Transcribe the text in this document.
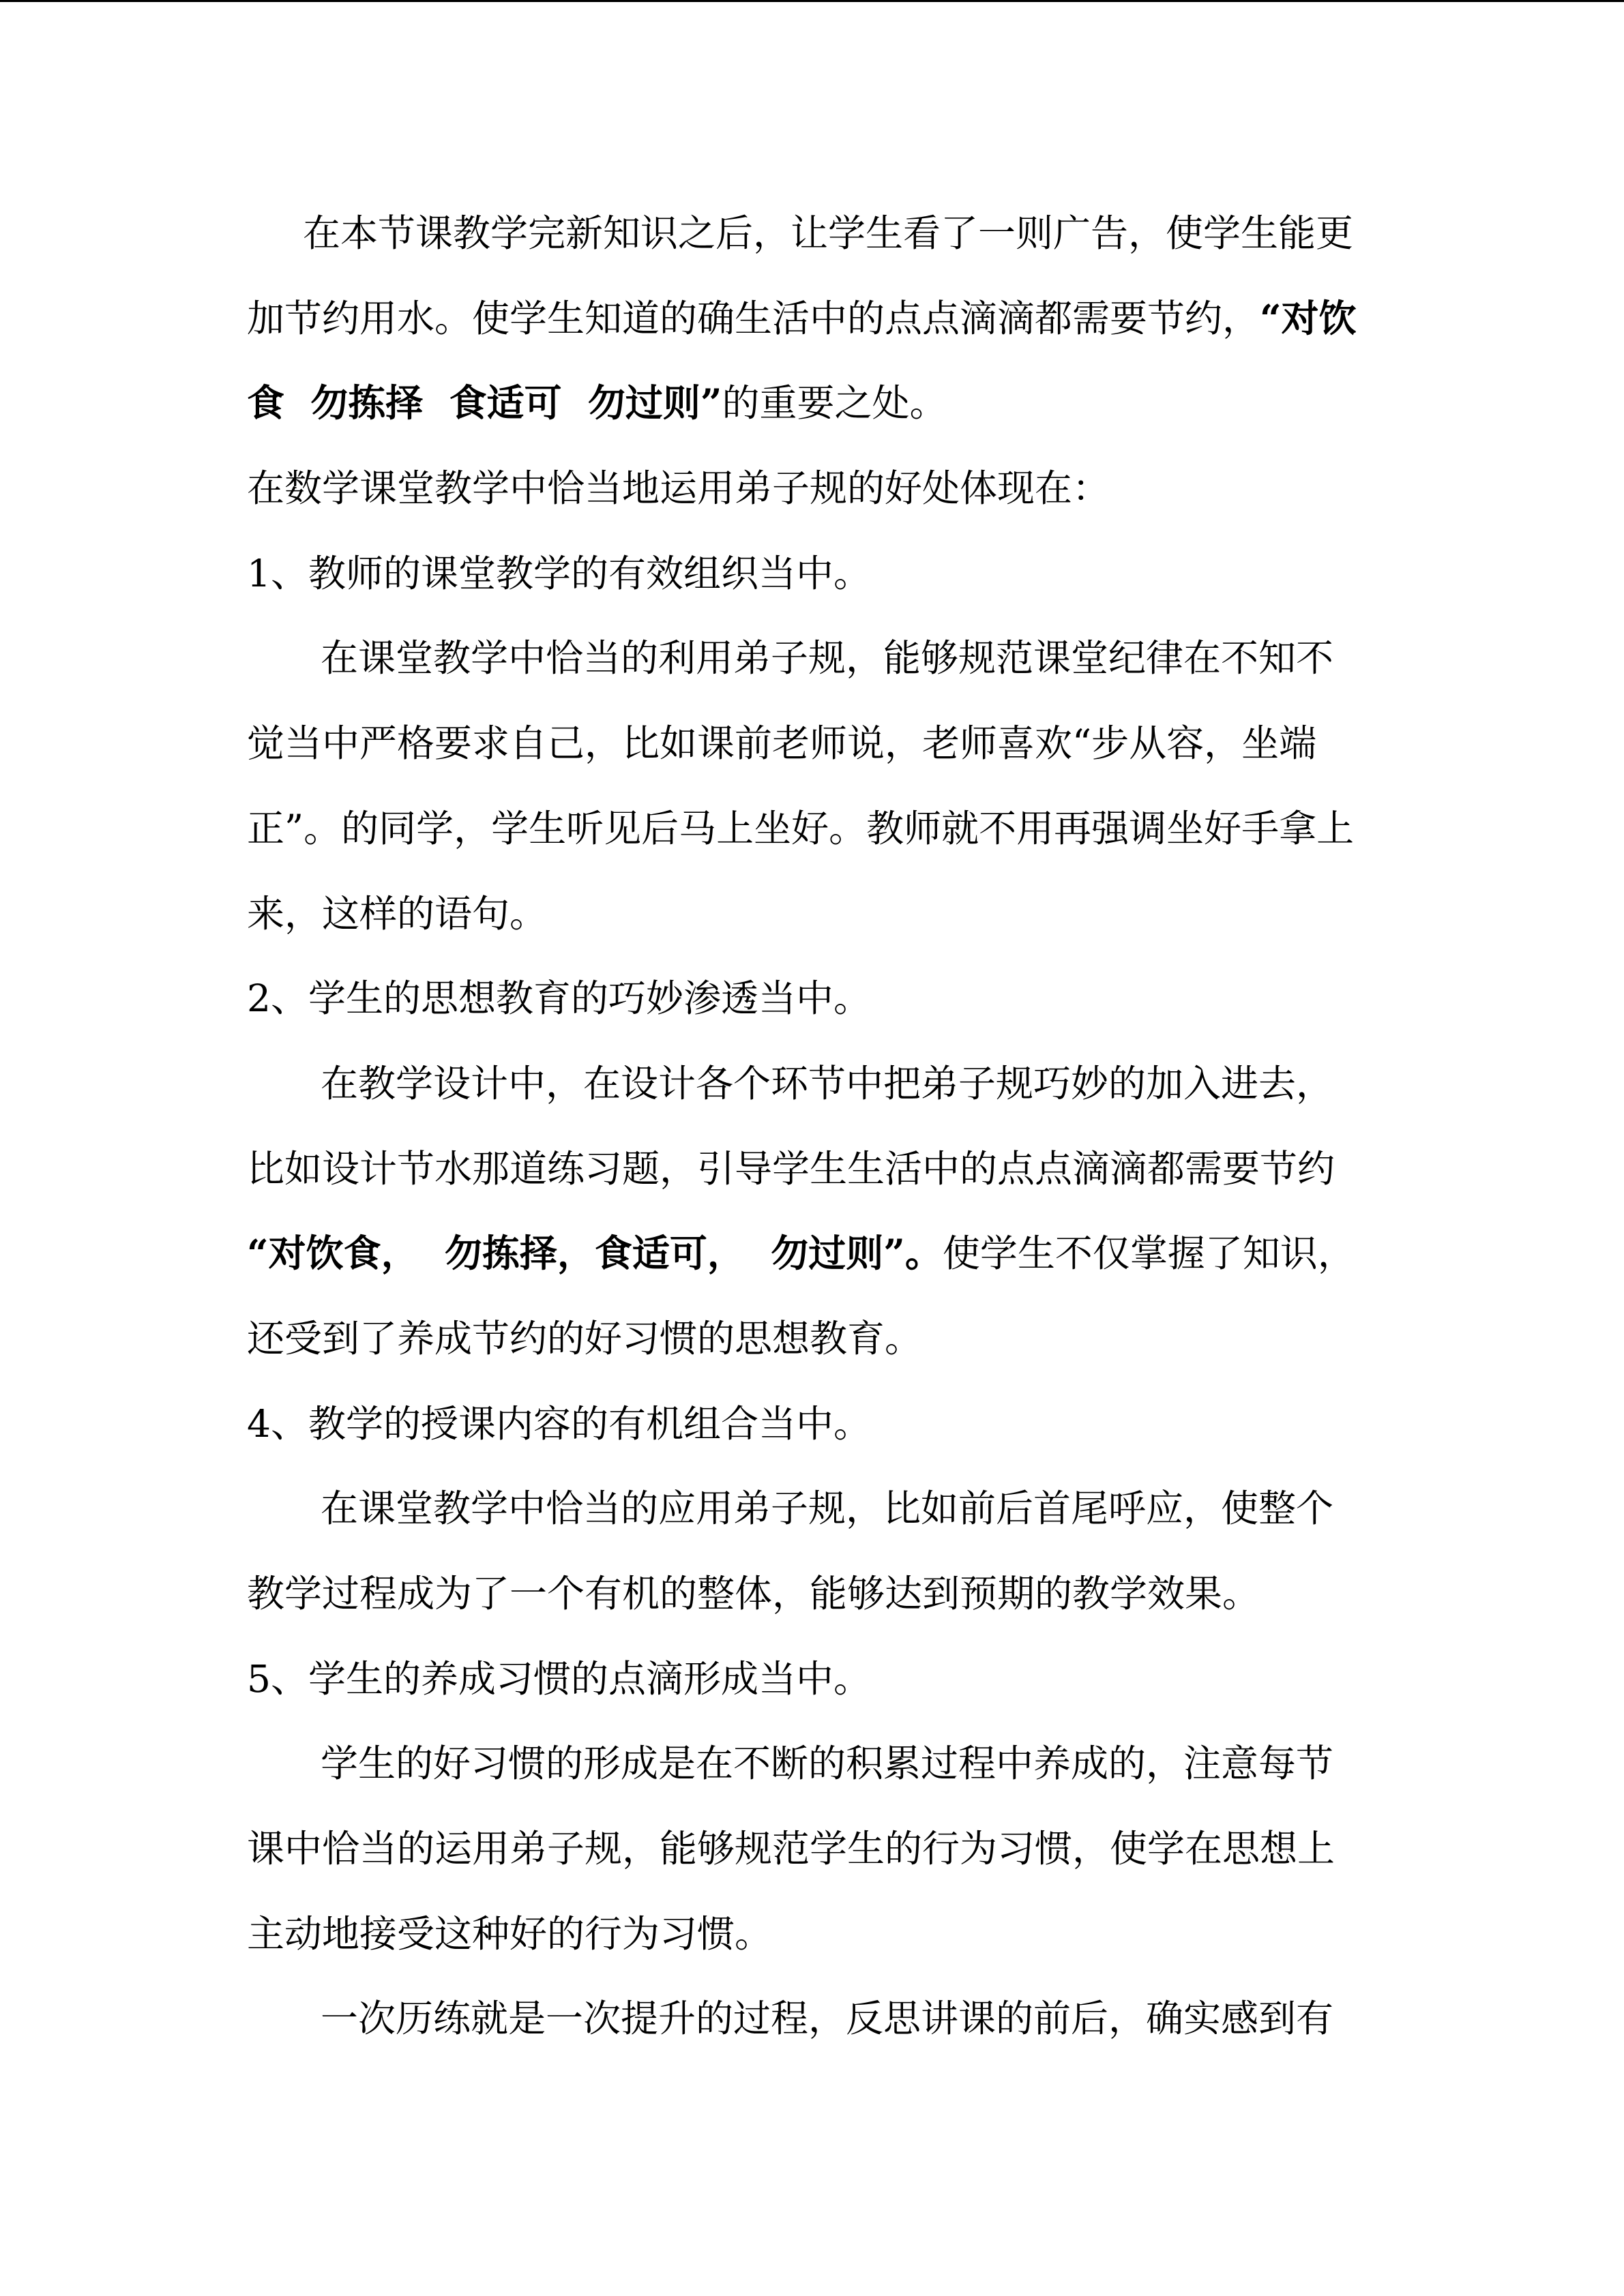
在本节课教学完新知识之后，让学生看了一则广告，使学生能更
加节约用水。使学生知道的确生活中的点点滴滴都需要节约，“对饮
食  勿拣择  食适可  勿过则”的重要之处。
在数学课堂教学中恰当地运用弟子规的好处体现在：
1、教师的课堂教学的有效组织当中。
在课堂教学中恰当的利用弟子规，能够规范课堂纪律在不知不
觉当中严格要求自己，比如课前老师说，老师喜欢“步从容，坐端
正”。的同学，学生听见后马上坐好。教师就不用再强调坐好手拿上
来，这样的语句。
2、学生的思想教育的巧妙渗透当中。
在教学设计中，在设计各个环节中把弟子规巧妙的加入进去，
比如设计节水那道练习题，引导学生生活中的点点滴滴都需要节约
“对饮食，  勿拣择，食适可，  勿过则”。使学生不仅掌握了知识，
还受到了养成节约的好习惯的思想教育。
4、教学的授课内容的有机组合当中。
在课堂教学中恰当的应用弟子规，比如前后首尾呼应，使整个
教学过程成为了一个有机的整体，能够达到预期的教学效果。
5、学生的养成习惯的点滴形成当中。
学生的好习惯的形成是在不断的积累过程中养成的，注意每节
课中恰当的运用弟子规，能够规范学生的行为习惯，使学在思想上
主动地接受这种好的行为习惯。
一次历练就是一次提升的过程，反思讲课的前后，确实感到有
